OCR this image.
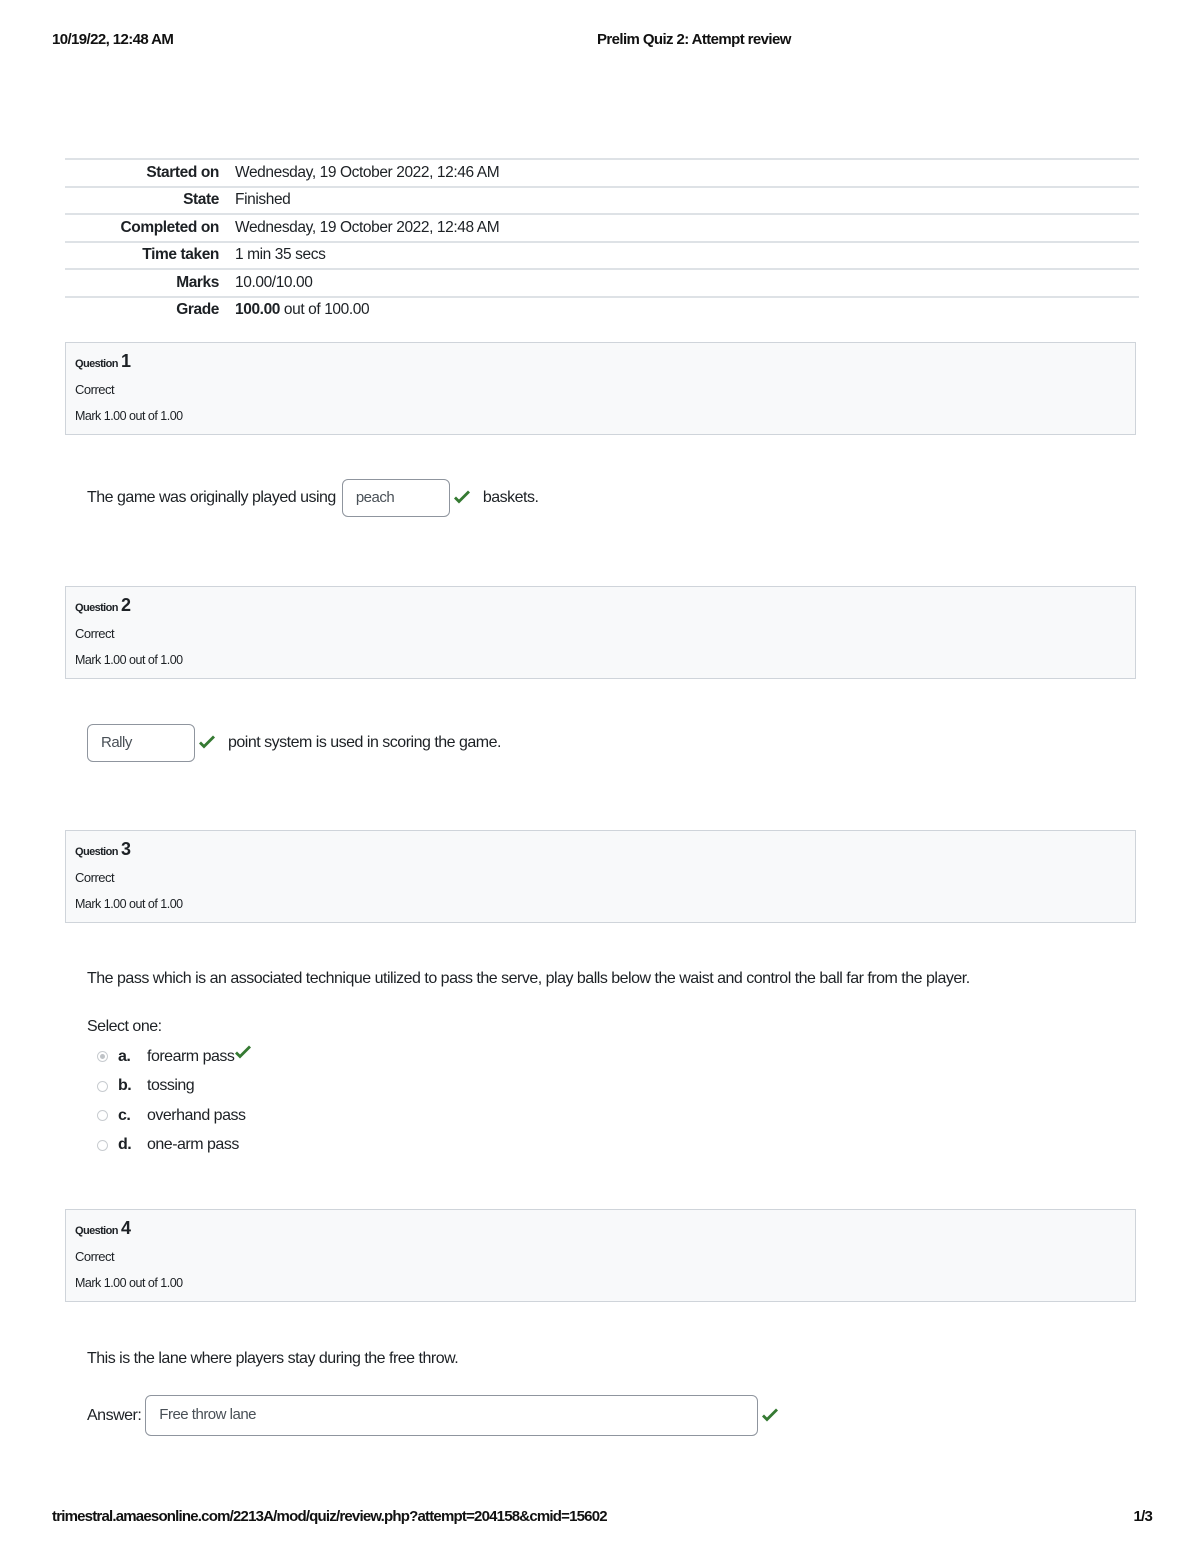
10/19/22, 12:48 AM	Prelim Quiz 2: Attempt review
Started on Wednesday, 19 October 2022, 12:46 AM
State Finished
Completed on Wednesday, 19 October 2022, 12:48 AM
Time taken 1 min 35 secs
Marks 10.00/10.00
Grade 100.00 out of 100.00
Question 1
Correct
Mark 1.00 out of 1.00
The game was originally played using	peach	baskets.
Question 2
Correct
Mark 1.00 out of 1.00
Rally	point system is used in scoring the game.
Question 3
Correct
Mark 1.00 out of 1.00
The pass which is an associated technique utilized to pass the serve, play balls below the waist and control the ball far from the player.
Select one:
a.	forearm pass
b. tossing
c.	overhand pass
d. one-arm pass
Question 4
Correct
Mark 1.00 out of 1.00
This is the lane where players stay during the free throw.
Answer:	Free throw lane
trimestral.amaesonline.com/2213A/mod/quiz/review.php?attempt=204158&cmid=15602	1/3
